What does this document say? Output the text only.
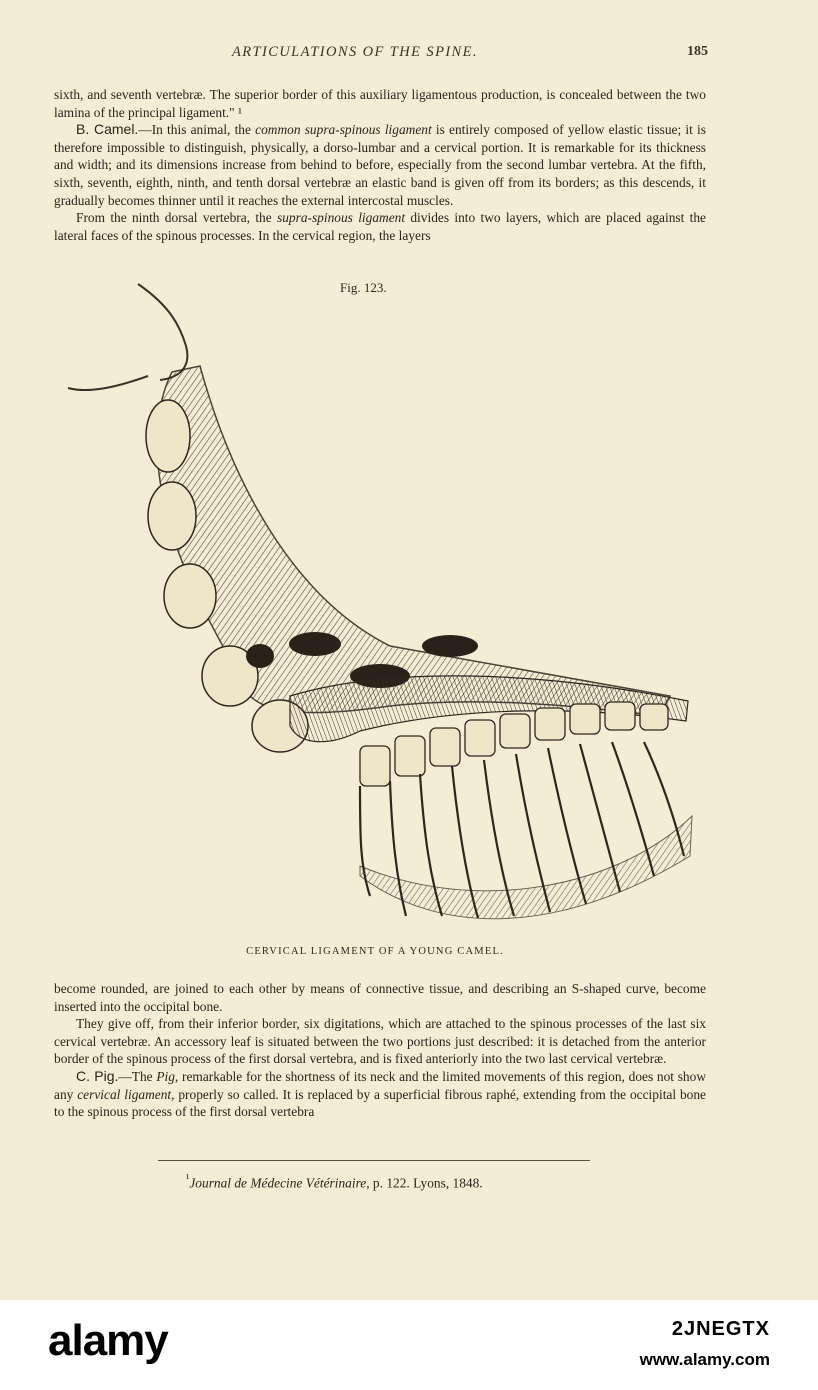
ARTICULATIONS OF THE SPINE.	185

sixth, and seventh vertebræ. The superior border of this auxiliary ligamentous production, is concealed between the two lamina of the principal ligament." ¹

B. Camel.—In this animal, the common supra-spinous ligament is entirely composed of yellow elastic tissue; it is therefore impossible to distinguish, physically, a dorso-lumbar and a cervical portion. It is remarkable for its thickness and width; and its dimensions increase from behind to before, especially from the second lumbar vertebra. At the fifth, sixth, seventh, eighth, ninth, and tenth dorsal vertebræ an elastic band is given off from its borders; as this descends, it gradually becomes thinner until it reaches the external intercostal muscles.

From the ninth dorsal vertebra, the supra-spinous ligament divides into two layers, which are placed against the lateral faces of the spinous processes. In the cervical region, the layers

Fig. 123.
CERVICAL LIGAMENT OF A YOUNG CAMEL.

become rounded, are joined to each other by means of connective tissue, and describing an S-shaped curve, become inserted into the occipital bone.

They give off, from their inferior border, six digitations, which are attached to the spinous processes of the last six cervical vertebræ. An accessory leaf is situated between the two portions just described: it is detached from the anterior border of the spinous process of the first dorsal vertebra, and is fixed anteriorly into the two last cervical vertebræ.

C. Pig.—The Pig, remarkable for the shortness of its neck and the limited movements of this region, does not show any cervical ligament, properly so called. It is replaced by a superficial fibrous raphé, extending from the occipital bone to the spinous process of the first dorsal vertebra

$^{^1}$Journal de Médecine Vétérinaire, p. 122. Lyons, 1848.
alamy	2JNEGTX
www.alamy.com
